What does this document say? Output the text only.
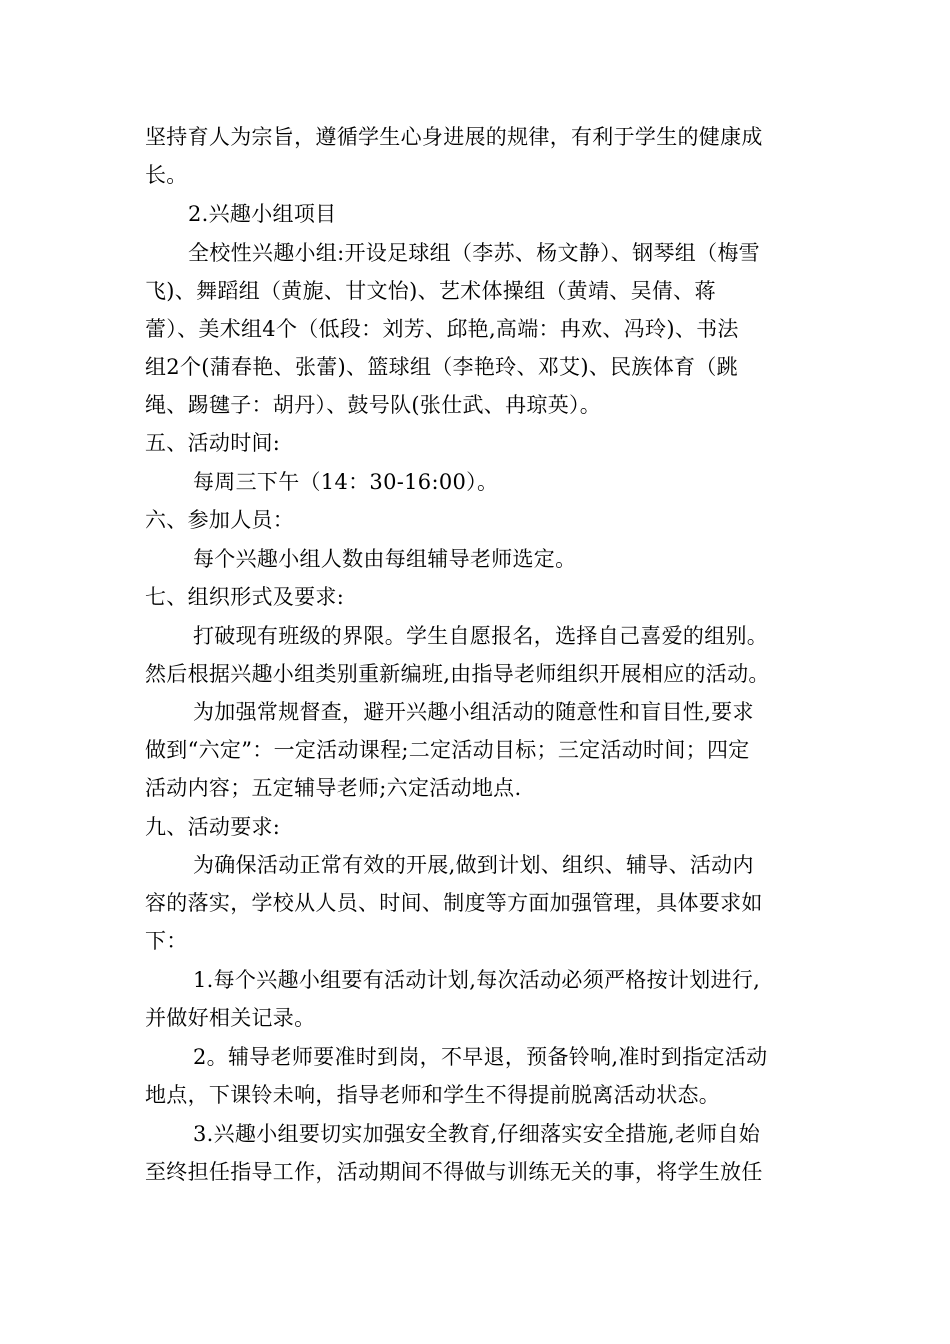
坚持育人为宗旨，遵循学生心身进展的规律，有利于学生的健康成
长。
2.兴趣小组项目
全校性兴趣小组:开设足球组（李苏、杨文静）、钢琴组（梅雪
飞)、舞蹈组（黄旎、甘文怡)、艺术体操组（黄靖、吴倩、蒋
蕾）、美术组4个（低段：刘芳、邱艳,高端：冉欢、冯玲)、书法
组2个(蒲春艳、张蕾)、篮球组（李艳玲、邓艾)、民族体育（跳
绳、踢毽子：胡丹）、鼓号队(张仕武、冉琼英）。
五、活动时间:
每周三下午（14：30-16:00）。
六、参加人员：
每个兴趣小组人数由每组辅导老师选定。
七、组织形式及要求:
打破现有班级的界限。学生自愿报名，选择自己喜爱的组别。
然后根据兴趣小组类别重新编班,由指导老师组织开展相应的活动。
为加强常规督查，避开兴趣小组活动的随意性和盲目性,要求
做到“六定”：一定活动课程;二定活动目标；三定活动时间；四定
活动内容；五定辅导老师;六定活动地点.
九、活动要求:
为确保活动正常有效的开展,做到计划、组织、辅导、活动内
容的落实，学校从人员、时间、制度等方面加强管理，具体要求如
下：
1.每个兴趣小组要有活动计划,每次活动必须严格按计划进行,
并做好相关记录。
2。辅导老师要准时到岗，不早退，预备铃响,准时到指定活动
地点，下课铃未响，指导老师和学生不得提前脱离活动状态。
3.兴趣小组要切实加强安全教育,仔细落实安全措施,老师自始
至终担任指导工作，活动期间不得做与训练无关的事，将学生放任
